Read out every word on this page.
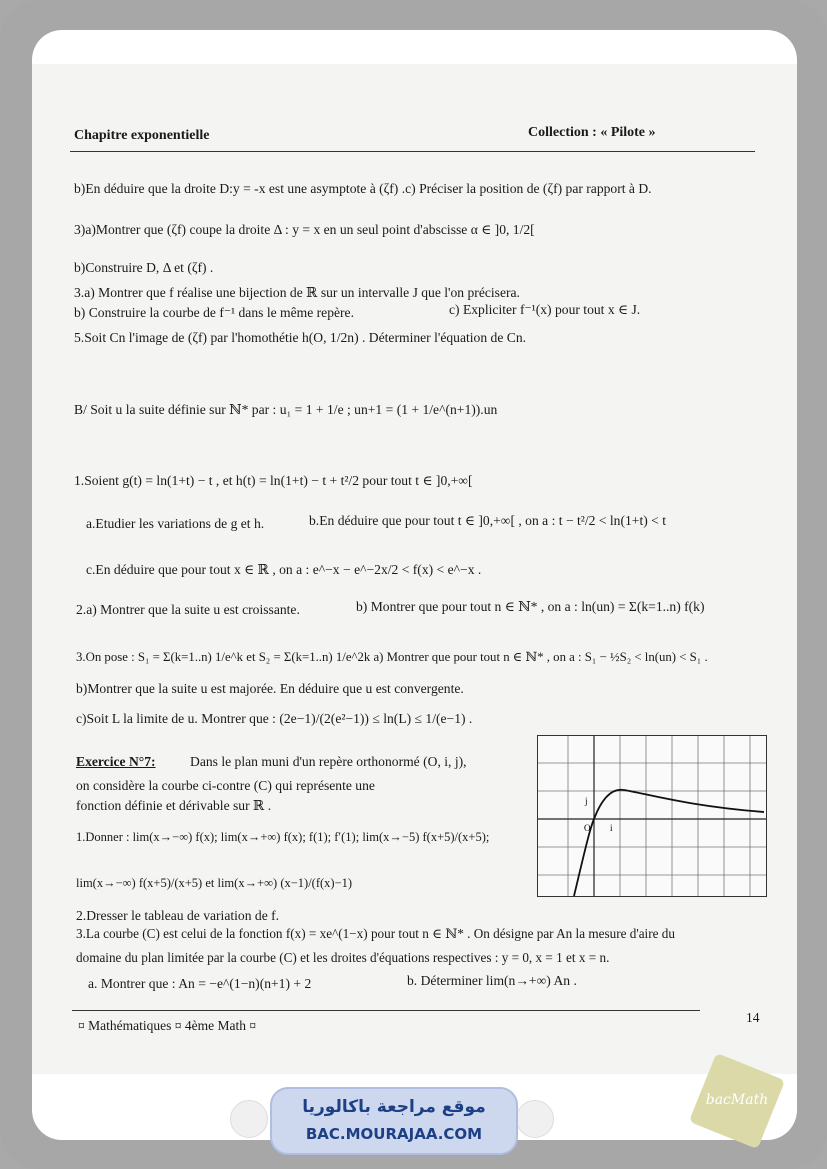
Chapitre exponentielle	Collection : « Pilote »
b)En déduire que la droite D:y = -x est une asymptote à (ζf) .c) Préciser la position de (ζf) par rapport à D.
3)a)Montrer que (ζf) coupe la droite Δ : y = x en un seul point d'abscisse α ∈ ]0, 1/2[
b)Construire D, Δ et (ζf) .
3.a) Montrer que f réalise une bijection de ℝ sur un intervalle J que l'on précisera.
b) Construire la courbe de f⁻¹ dans le même repère.	c) Expliciter f⁻¹(x) pour tout x ∈ J.
5.Soit Cn l'image de (ζf) par l'homothétie h(O, 1/2n) . Déterminer l'équation de Cn.
B/ Soit u la suite définie sur ℕ* par : u₁ = 1 + 1/e ; un+1 = (1 + 1/e^(n+1)).un
1.Soient g(t) = ln(1+t) − t , et h(t) = ln(1+t) − t + t²/2 pour tout t ∈ ]0,+∞[
a.Etudier les variations de g et h.	b.En déduire que pour tout t ∈ ]0,+∞[ , on a : t − t²/2 < ln(1+t) < t
c.En déduire que pour tout x ∈ ℝ , on a : e^−x − e^−2x/2 < f(x) < e^−x .
2.a) Montrer que la suite u est croissante.	b) Montrer que pour tout n ∈ ℕ* , on a : ln(un) = Σ(k=1..n) f(k)
3.On pose : S₁ = Σ(k=1..n) 1/e^k et S₂ = Σ(k=1..n) 1/e^2k a) Montrer que pour tout n ∈ ℕ* , on a : S₁ − ½S₂ < ln(un) < S₁ .
b)Montrer que la suite u est majorée. En déduire que u est convergente.
c)Soit L la limite de u. Montrer que : (2e−1)/(2(e²−1)) ≤ ln(L) ≤ 1/(e−1) .
Exercice N°7:	Dans le plan muni d'un repère orthonormé (O, i, j),
on considère la courbe ci-contre (C) qui représente une
fonction définie et dérivable sur ℝ .
1.Donner : lim(x→−∞) f(x); lim(x→+∞) f(x); f(1); f′(1); lim(x→−5) f(x+5)/(x+5);
lim(x→−∞) f(x+5)/(x+5) et lim(x→+∞) (x−1)/(f(x)−1)
2.Dresser le tableau de variation de f.
3.La courbe (C) est celui de la fonction f(x) = xe^(1−x) pour tout n ∈ ℕ* . On désigne par An la mesure d'aire du
domaine du plan limitée par la courbe (C) et les droites d'équations respectives : y = 0, x = 1 et x = n.
a. Montrer que : An = −e^(1−n)(n+1) + 2	b. Déterminer lim(n→+∞) An .
j
O i
¤ Mathématiques ¤ 4ème Math ¤
14
موقع مراجعة باكالوريا
BAC.MOURAJAA.COM
bacMath
